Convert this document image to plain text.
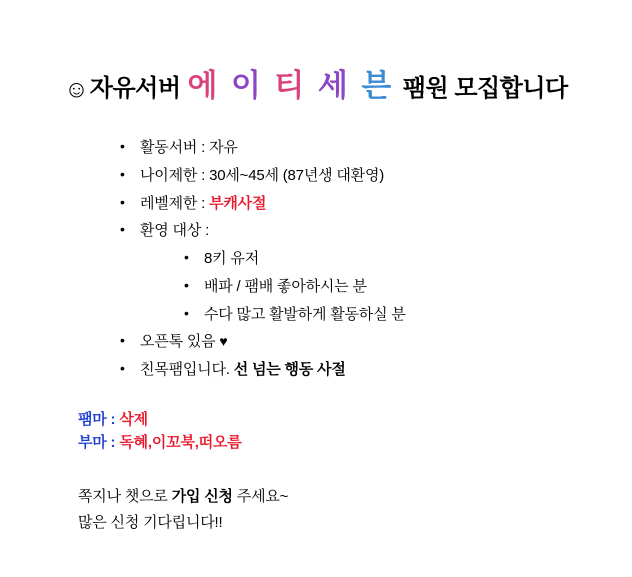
☺ 자유서버 에 이 티 세 븐 팸원 모집합니다
• 활동서버 : 자유
• 나이제한 : 30세~45세 (87년생 대환영)
• 레벨제한 : 부캐사절
• 환영 대상 :
• 8키 유저
• 배파 / 팸배 좋아하시는 분
• 수다 많고 활발하게 활동하실 분
• 오픈톡 있음 ♥
• 친목팸입니다. 선 넘는 행동 사절
팸마 : 삭제
부마 : 독혜,이꼬북,떠오름
쪽지나 챗으로 가입 신청 주세요~
많은 신청 기다립니다!!
